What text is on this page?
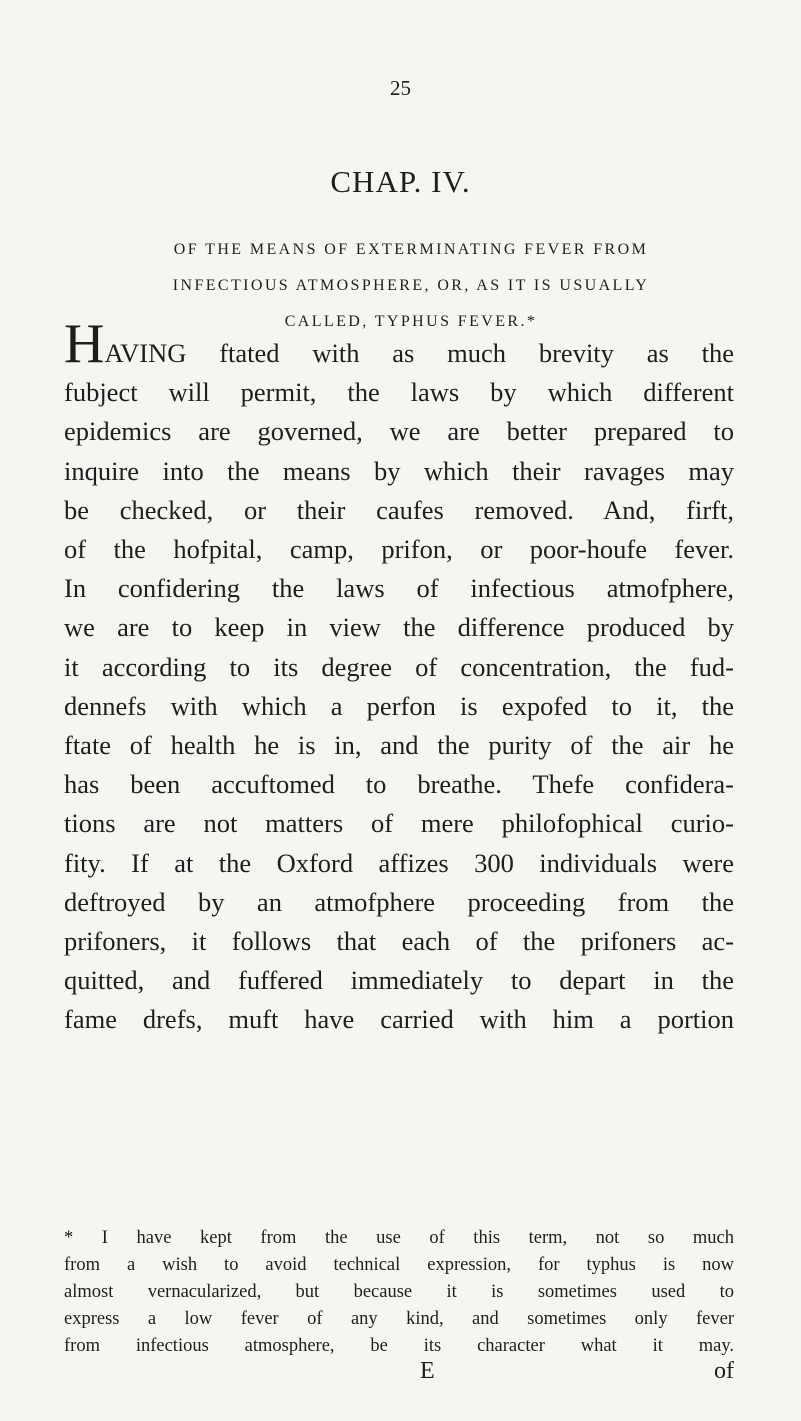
25
CHAP. IV.
OF THE MEANS OF EXTERMINATING FEVER FROM
INFECTIOUS ATMOSPHERE, OR, AS IT IS USUALLY
CALLED, TYPHUS FEVER.*
HAVING ftated with as much brevity as the
fubject will permit, the laws by which different
epidemics are governed, we are better prepared to
inquire into the means by which their ravages may
be checked, or their caufes removed. And, firft,
of the hofpital, camp, prifon, or poor-houfe fever.
In confidering the laws of infectious atmofphere,
we are to keep in view the difference produced by
it according to its degree of concentration, the fud-
dennefs with which a perfon is expofed to it, the
ftate of health he is in, and the purity of the air he
has been accuftomed to breathe. Thefe confidera-
tions are not matters of mere philofophical curio-
fity. If at the Oxford affizes 300 individuals were
deftroyed by an atmofphere proceeding from the
prifoners, it follows that each of the prifoners ac-
quitted, and fuffered immediately to depart in the
fame drefs, muft have carried with him a portion
* I have kept from the use of this term, not so much
from a wish to avoid technical expression, for typhus is now
almost vernacularized, but because it is sometimes used to
express a low fever of any kind, and sometimes only fever
from infectious atmosphere, be its character what it may.
E	of
